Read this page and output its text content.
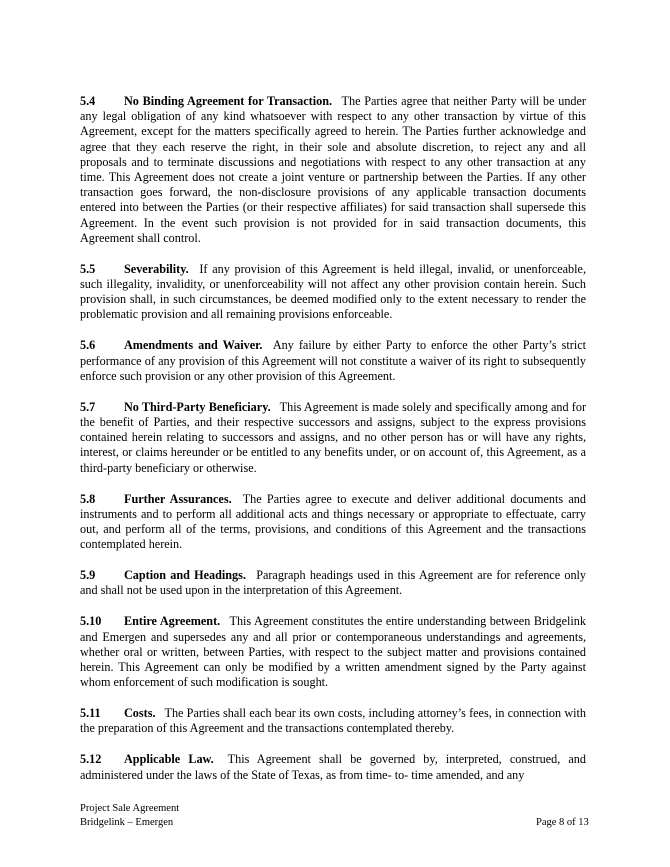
5.4 No Binding Agreement for Transaction. The Parties agree that neither Party will be under any legal obligation of any kind whatsoever with respect to any other transaction by virtue of this Agreement, except for the matters specifically agreed to herein. The Parties further acknowledge and agree that they each reserve the right, in their sole and absolute discretion, to reject any and all proposals and to terminate discussions and negotiations with respect to any other transaction at any time. This Agreement does not create a joint venture or partnership between the Parties. If any other transaction goes forward, the non-disclosure provisions of any applicable transaction documents entered into between the Parties (or their respective affiliates) for said transaction shall supersede this Agreement. In the event such provision is not provided for in said transaction documents, this Agreement shall control.

5.5 Severability. If any provision of this Agreement is held illegal, invalid, or unenforceable, such illegality, invalidity, or unenforceability will not affect any other provision contain herein. Such provision shall, in such circumstances, be deemed modified only to the extent necessary to render the problematic provision and all remaining provisions enforceable.

5.6 Amendments and Waiver. Any failure by either Party to enforce the other Party’s strict performance of any provision of this Agreement will not constitute a waiver of its right to subsequently enforce such provision or any other provision of this Agreement.

5.7 No Third-Party Beneficiary. This Agreement is made solely and specifically among and for the benefit of Parties, and their respective successors and assigns, subject to the express provisions contained herein relating to successors and assigns, and no other person has or will have any rights, interest, or claims hereunder or be entitled to any benefits under, or on account of, this Agreement, as a third-party beneficiary or otherwise.

5.8 Further Assurances. The Parties agree to execute and deliver additional documents and instruments and to perform all additional acts and things necessary or appropriate to effectuate, carry out, and perform all of the terms, provisions, and conditions of this Agreement and the transactions contemplated herein.

5.9 Caption and Headings. Paragraph headings used in this Agreement are for reference only and shall not be used upon in the interpretation of this Agreement.

5.10 Entire Agreement. This Agreement constitutes the entire understanding between Bridgelink and Emergen and supersedes any and all prior or contemporaneous understandings and agreements, whether oral or written, between Parties, with respect to the subject matter and provisions contained herein. This Agreement can only be modified by a written amendment signed by the Party against whom enforcement of such modification is sought.

5.11 Costs. The Parties shall each bear its own costs, including attorney’s fees, in connection with the preparation of this Agreement and the transactions contemplated thereby.

5.12 Applicable Law. This Agreement shall be governed by, interpreted, construed, and administered under the laws of the State of Texas, as from time- to- time amended, and any

Project Sale Agreement
Bridgelink – Emergen	Page 8 of 13
